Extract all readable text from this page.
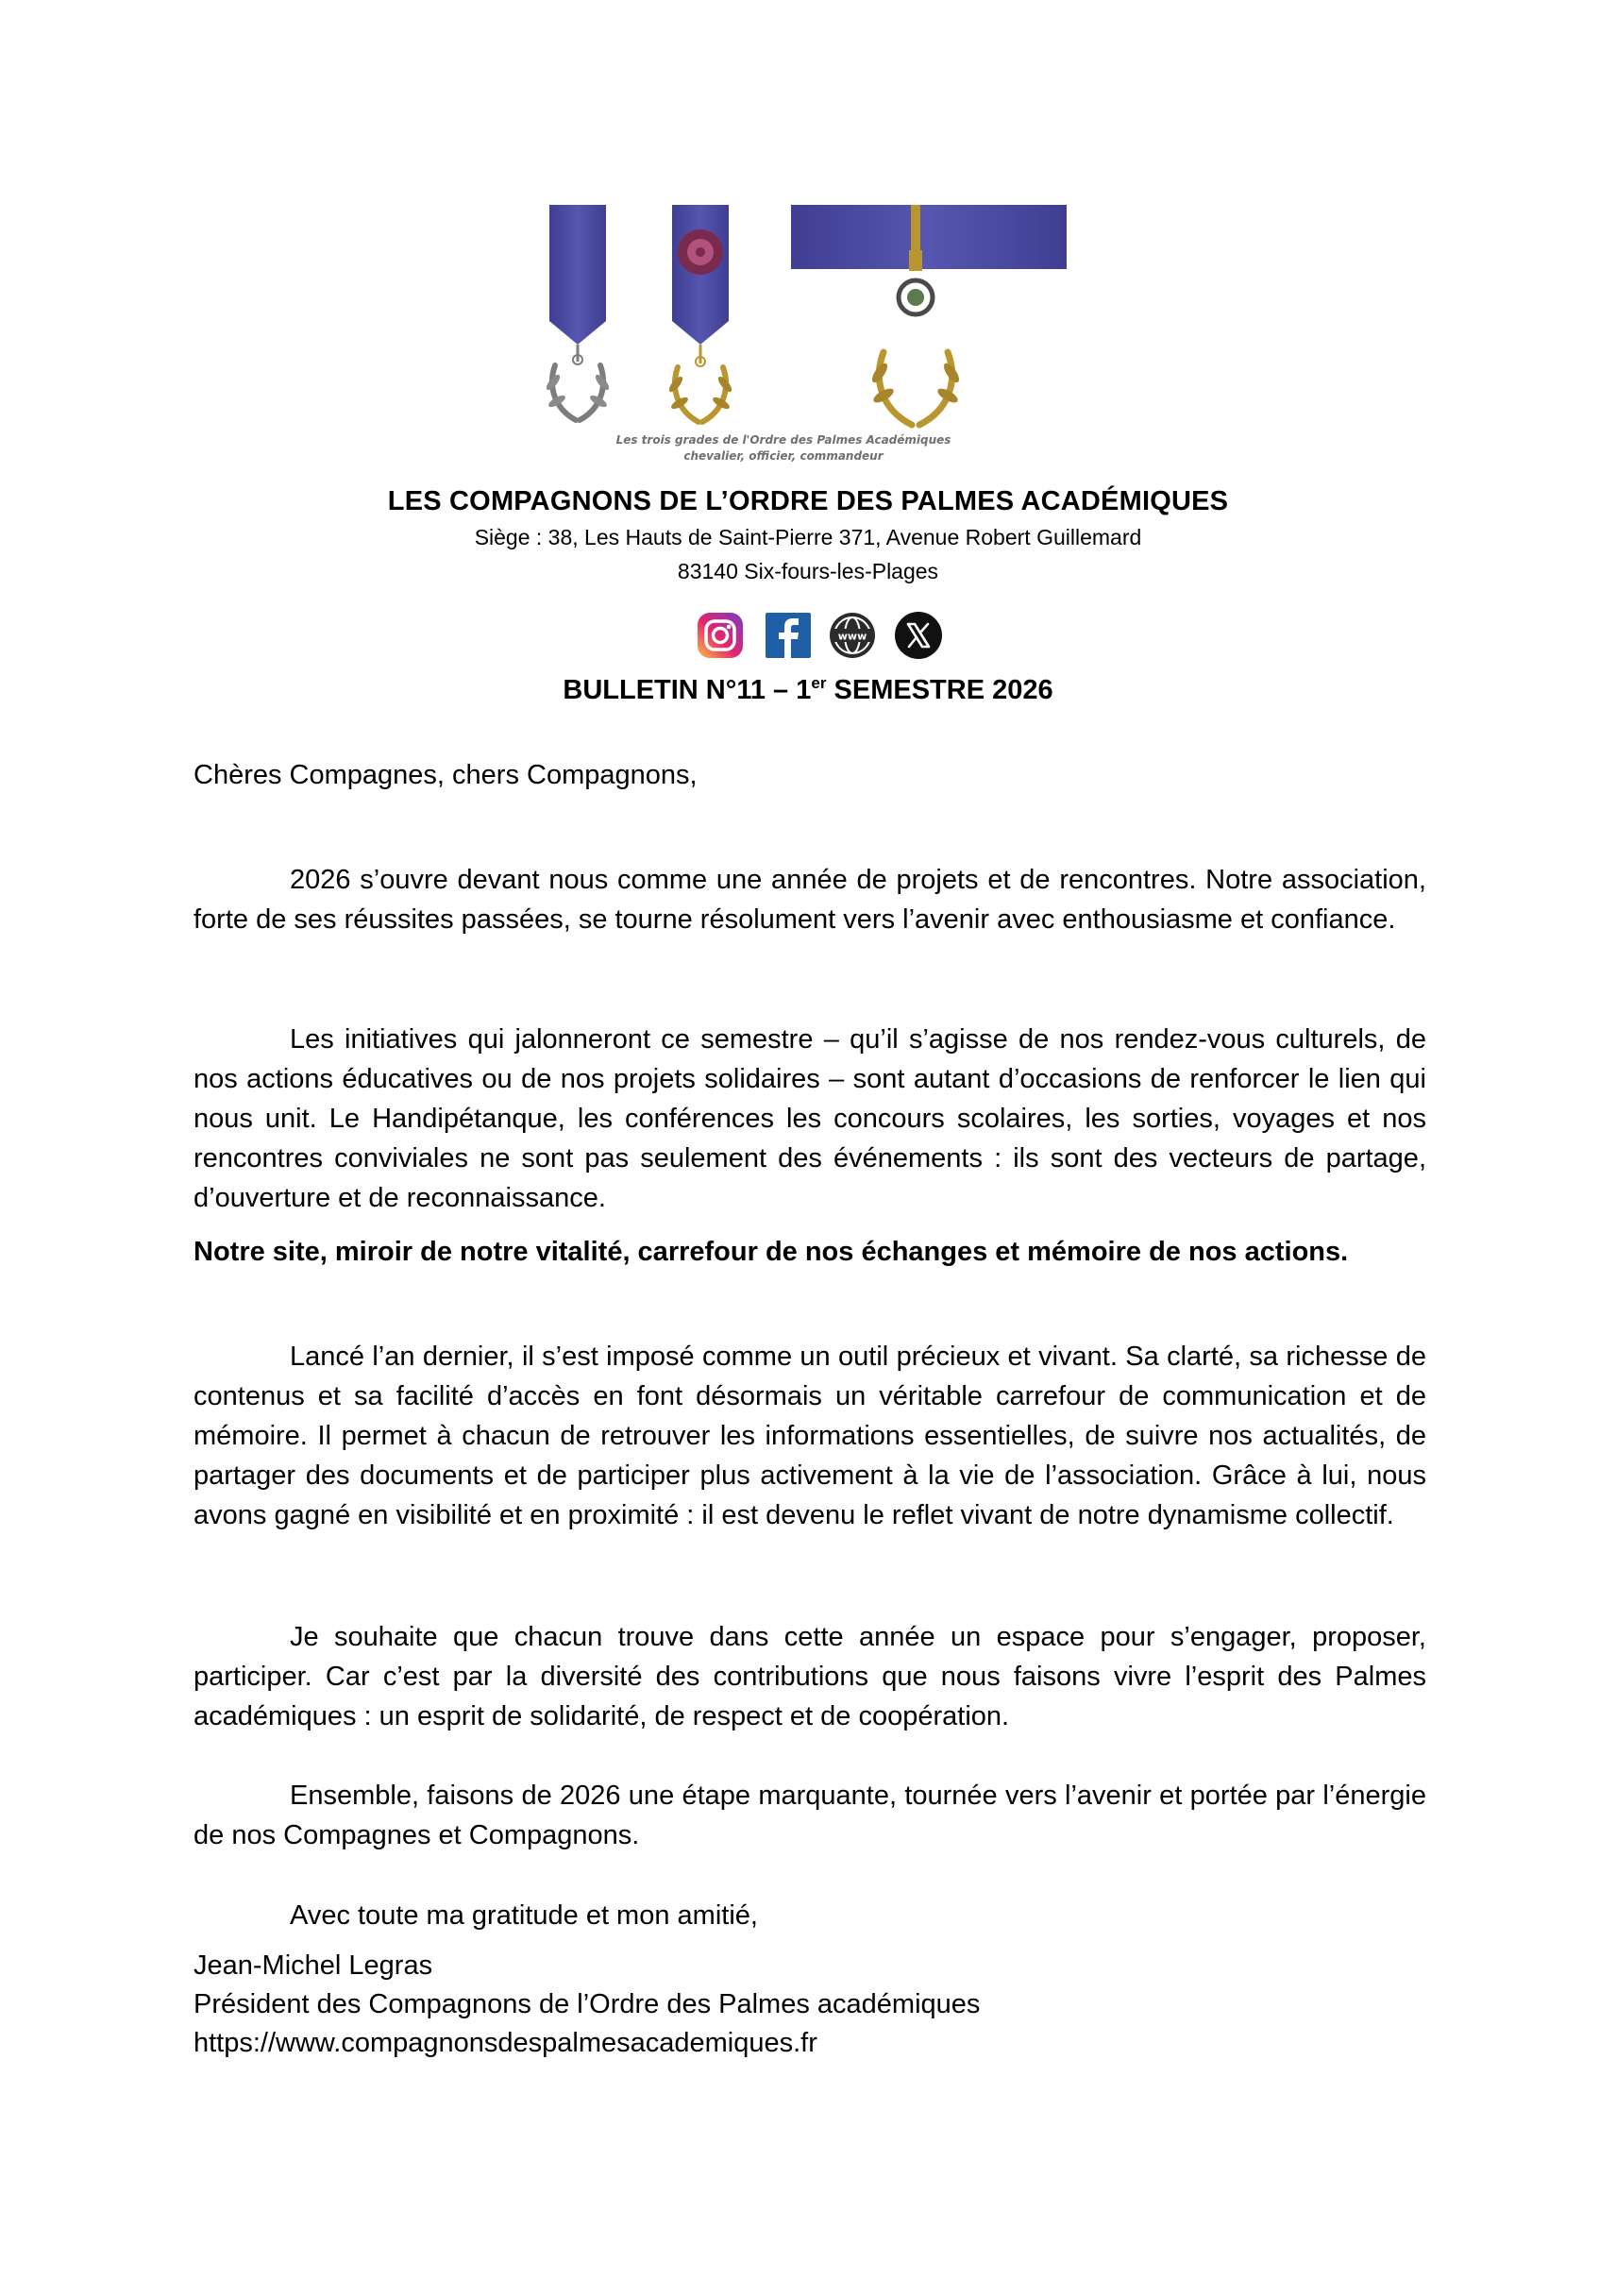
Les trois grades de l'Ordre des Palmes Académiques
chevalier, officier, commandeur
LES COMPAGNONS DE L’ORDRE DES PALMES ACADÉMIQUES
Siège : 38, Les Hauts de Saint-Pierre 371, Avenue Robert Guillemard
83140 Six-fours-les-Plages
www
BULLETIN N°11 – 1er SEMESTRE 2026
Chères Compagnes, chers Compagnons,

2026 s’ouvre devant nous comme une année de projets et de rencontres. Notre association, forte de ses réussites passées, se tourne résolument vers l’avenir avec enthousiasme et confiance.

Les initiatives qui jalonneront ce semestre – qu’il s’agisse de nos rendez-vous culturels, de nos actions éducatives ou de nos projets solidaires – sont autant d’occasions de renforcer le lien qui nous unit. Le Handipétanque, les conférences les concours scolaires, les sorties, voyages et nos rencontres conviviales ne sont pas seulement des événements : ils sont des vecteurs de partage, d’ouverture et de reconnaissance.

Notre site, miroir de notre vitalité, carrefour de nos échanges et mémoire de nos actions.

Lancé l’an dernier, il s’est imposé comme un outil précieux et vivant. Sa clarté, sa richesse de contenus et sa facilité d’accès en font désormais un véritable carrefour de communication et de mémoire. Il permet à chacun de retrouver les informations essentielles, de suivre nos actualités, de partager des documents et de participer plus activement à la vie de l’association. Grâce à lui, nous avons gagné en visibilité et en proximité : il est devenu le reflet vivant de notre dynamisme collectif.

Je souhaite que chacun trouve dans cette année un espace pour s’engager, proposer, participer. Car c’est par la diversité des contributions que nous faisons vivre l’esprit des Palmes académiques : un esprit de solidarité, de respect et de coopération.

Ensemble, faisons de 2026 une étape marquante, tournée vers l’avenir et portée par l’énergie de nos Compagnes et Compagnons.

Avec toute ma gratitude et mon amitié,

Jean-Michel Legras
Président des Compagnons de l’Ordre des Palmes académiques
https://www.compagnonsdespalmesacademiques.fr
